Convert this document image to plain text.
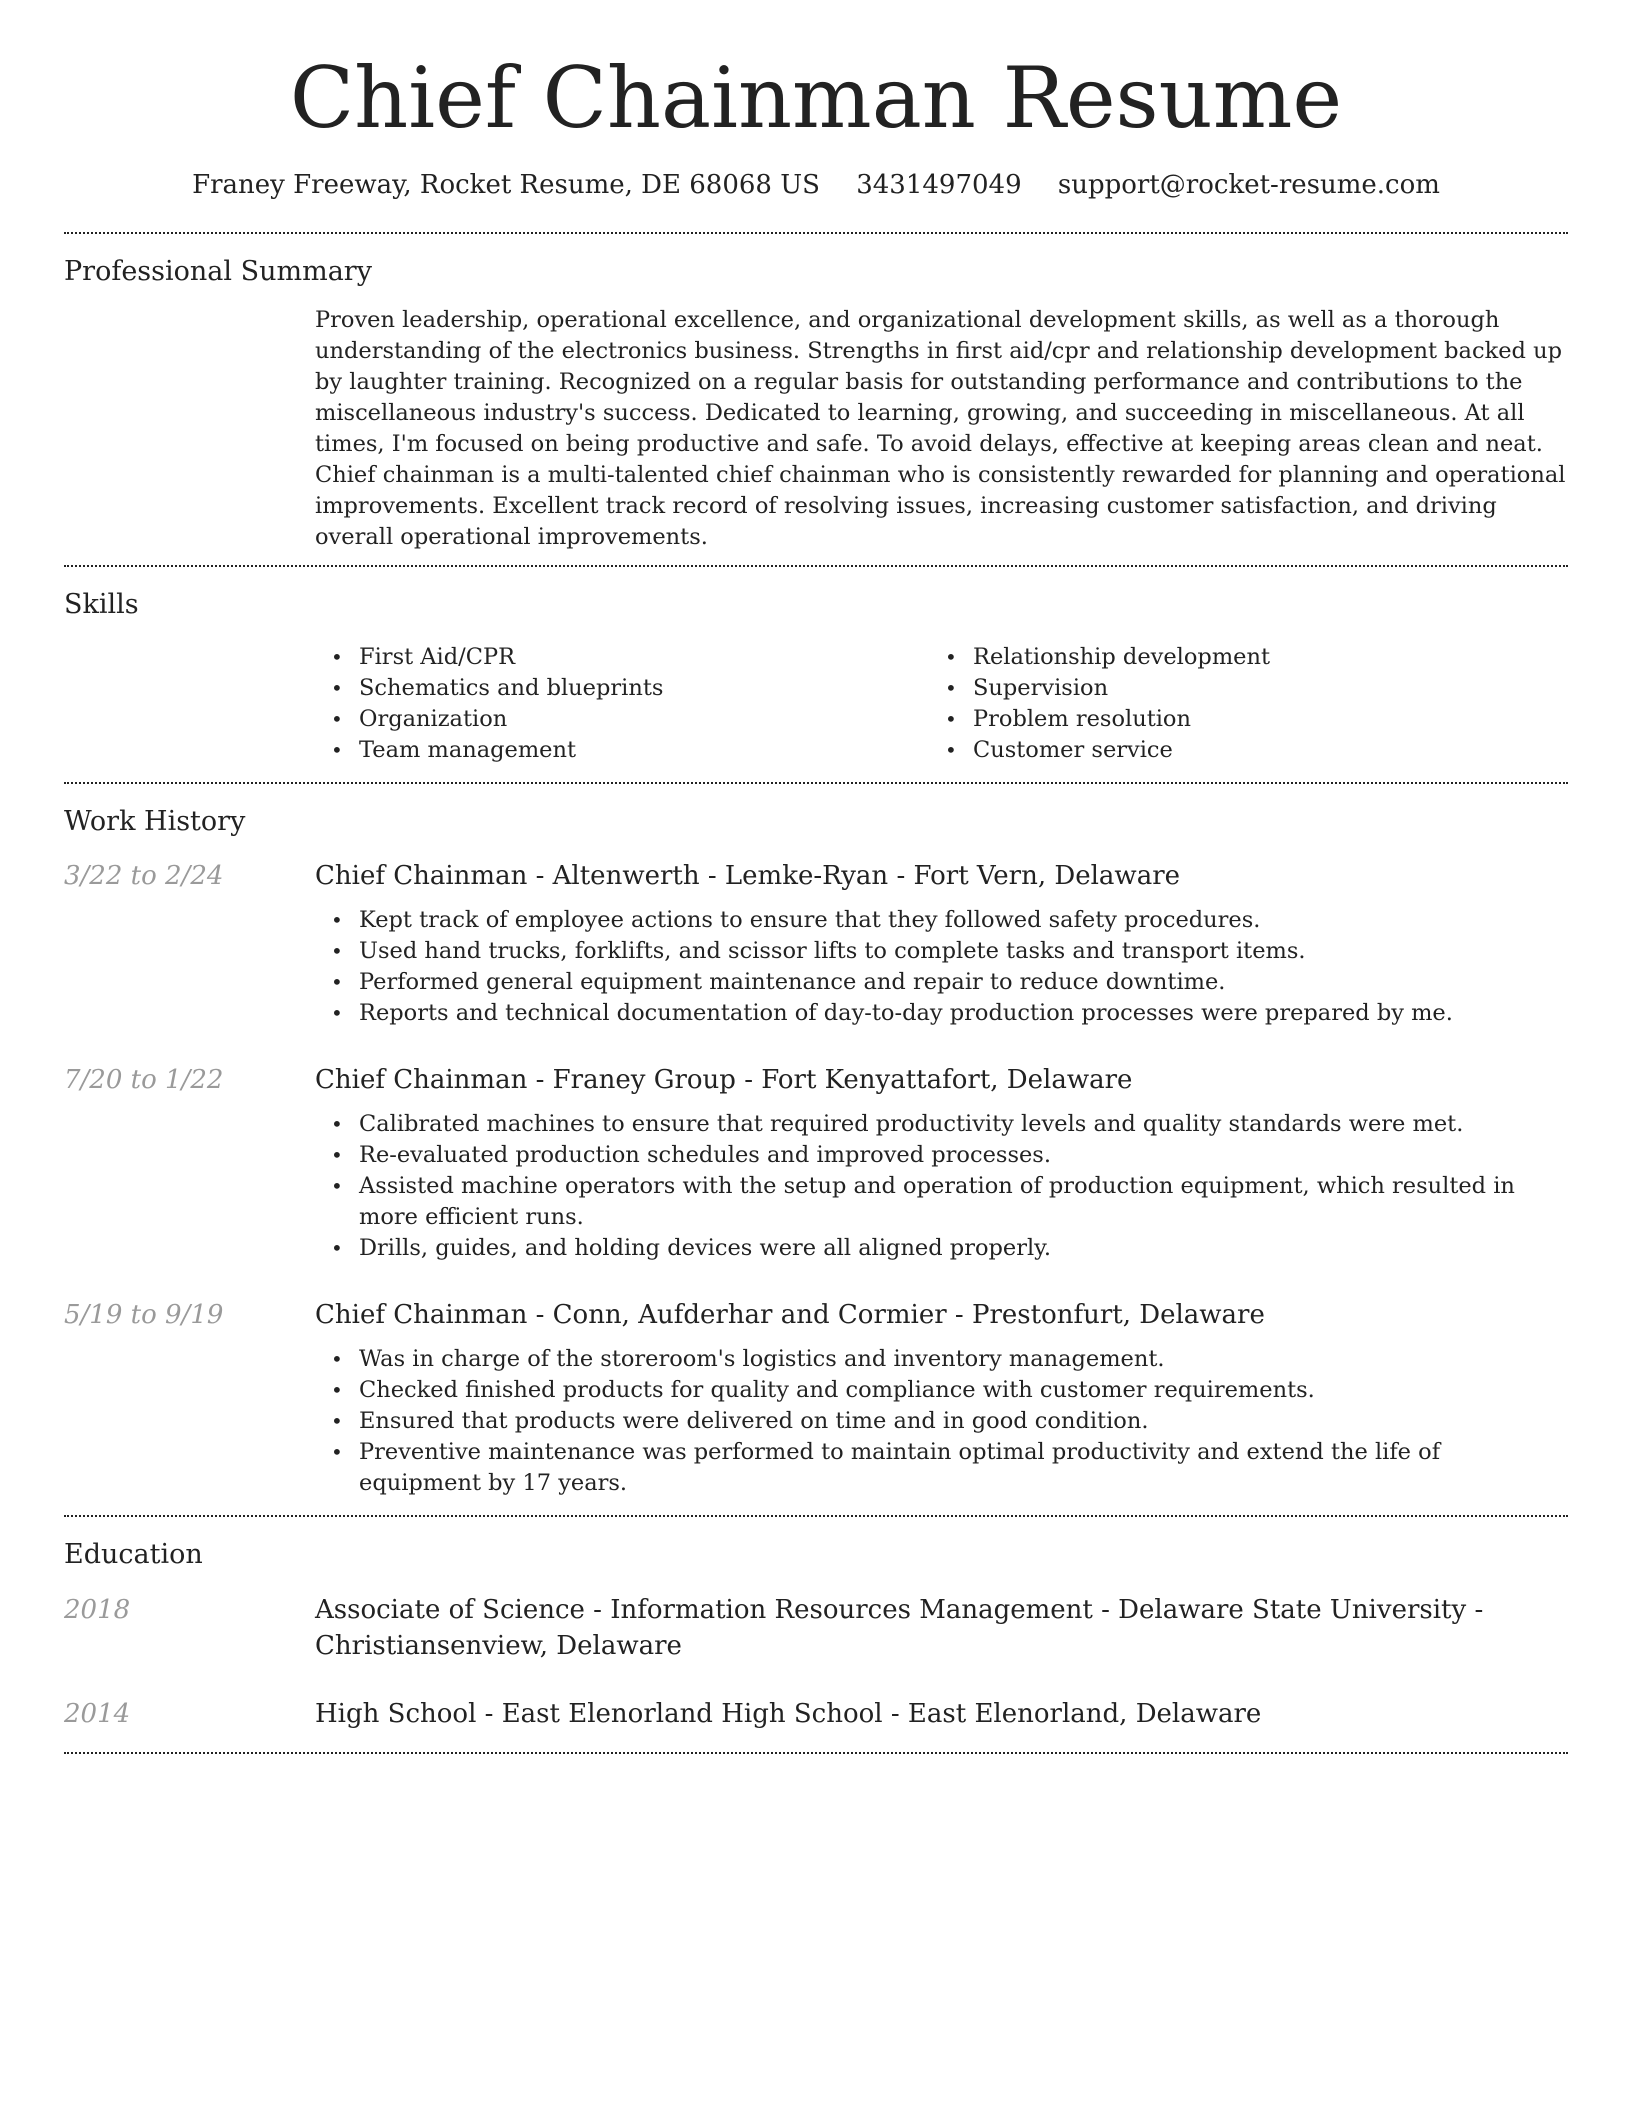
Chief Chainman Resume
Franey Freeway, Rocket Resume, DE 68068 US 3431497049 support@rocket-resume.com
Professional Summary

Proven leadership, operational excellence, and organizational development skills, as well as a thorough understanding of the electronics business. Strengths in first aid/cpr and relationship development backed up by laughter training. Recognized on a regular basis for outstanding performance and contributions to the miscellaneous industry's success. Dedicated to learning, growing, and succeeding in miscellaneous. At all times, I'm focused on being productive and safe. To avoid delays, effective at keeping areas clean and neat. Chief chainman is a multi-talented chief chainman who is consistently rewarded for planning and operational improvements. Excellent track record of resolving issues, increasing customer satisfaction, and driving overall operational improvements.

Skills
• First Aid/CPR
• Schematics and blueprints
• Organization
• Team management
• Relationship development
• Supervision
• Problem resolution
• Customer service
Work History
3/22 to 2/24	Chief Chainman - Altenwerth - Lemke-Ryan - Fort Vern, Delaware
• Kept track of employee actions to ensure that they followed safety procedures.
• Used hand trucks, forklifts, and scissor lifts to complete tasks and transport items.
• Performed general equipment maintenance and repair to reduce downtime.
• Reports and technical documentation of day-to-day production processes were prepared by me.
7/20 to 1/22	Chief Chainman - Franey Group - Fort Kenyattafort, Delaware
• Calibrated machines to ensure that required productivity levels and quality standards were met.
• Re-evaluated production schedules and improved processes.
• Assisted machine operators with the setup and operation of production equipment, which resulted in more efficient runs.
• Drills, guides, and holding devices were all aligned properly.
5/19 to 9/19	Chief Chainman - Conn, Aufderhar and Cormier - Prestonfurt, Delaware
• Was in charge of the storeroom's logistics and inventory management.
• Checked finished products for quality and compliance with customer requirements.
• Ensured that products were delivered on time and in good condition.
• Preventive maintenance was performed to maintain optimal productivity and extend the life of equipment by 17 years.
Education
2018	Associate of Science - Information Resources Management - Delaware State University - Christiansenview, Delaware
2014	High School - East Elenorland High School - East Elenorland, Delaware
